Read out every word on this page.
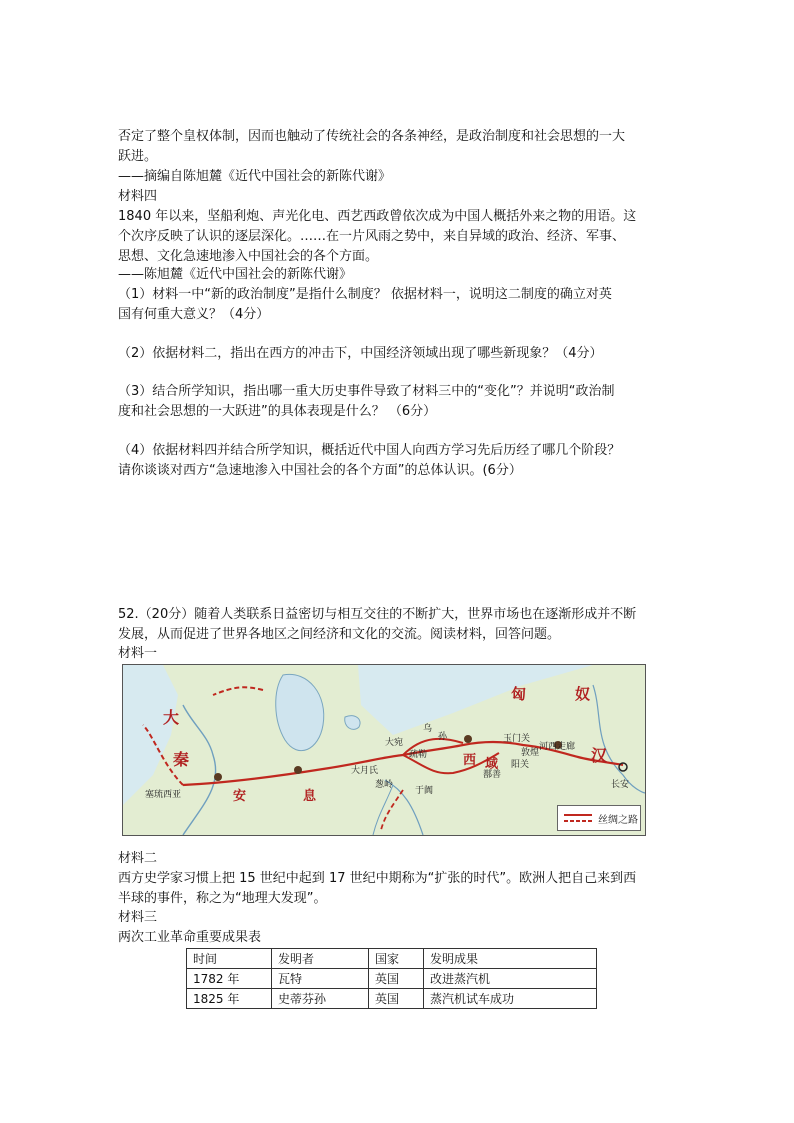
否定了整个皇权体制，因而也触动了传统社会的各条神经，是政治制度和社会思想的一大
跃进。
——摘编自陈旭麓《近代中国社会的新陈代谢》
材料四
1840 年以来，坚船利炮、声光化电、西艺西政曾依次成为中国人概括外来之物的用语。这
个次序反映了认识的逐层深化。……在一片风雨之势中，来自异域的政治、经济、军事、
思想、文化急速地渗入中国社会的各个方面。
——陈旭麓《近代中国社会的新陈代谢》
（1）材料一中“新的政治制度”是指什么制度？ 依据材料一，说明这二制度的确立对英
国有何重大意义？（4分）
（2）依据材料二，指出在西方的冲击下，中国经济领域出现了哪些新现象？（4分）
（3）结合所学知识，指出哪一重大历史事件导致了材料三中的“变化”？并说明“政治制
度和社会思想的一大跃进”的具体表现是什么？ （6分）
（4）依据材料四并结合所学知识，概括近代中国人向西方学习先后历经了哪几个阶段？
请你谈谈对西方“急速地渗入中国社会的各个方面”的总体认识。(6分）
52.（20分）随着人类联系日益密切与相互交往的不断扩大，世界市场也在逐渐形成并不断
发展，从而促进了世界各地区之间经济和文化的交流。阅读材料，回答问题。
材料一
大
秦
安	息
塞琉西亚
大月氏
大宛
乌
孙
疏勒
葱岭
于阗
西 域
鄯善
阳关
玉门关
敦煌
河西走廊 汉
长安
匈	奴
丝绸之路
材料二
西方史学家习惯上把 15 世纪中起到 17 世纪中期称为“扩张的时代”。欧洲人把自己来到西
半球的事件，称之为“地理大发现”。
材料三
两次工业革命重要成果表
时间	发明者	国家	发明成果
1782 年	瓦特	英国	改进蒸汽机
1825 年	史蒂芬孙	英国	蒸汽机试车成功
